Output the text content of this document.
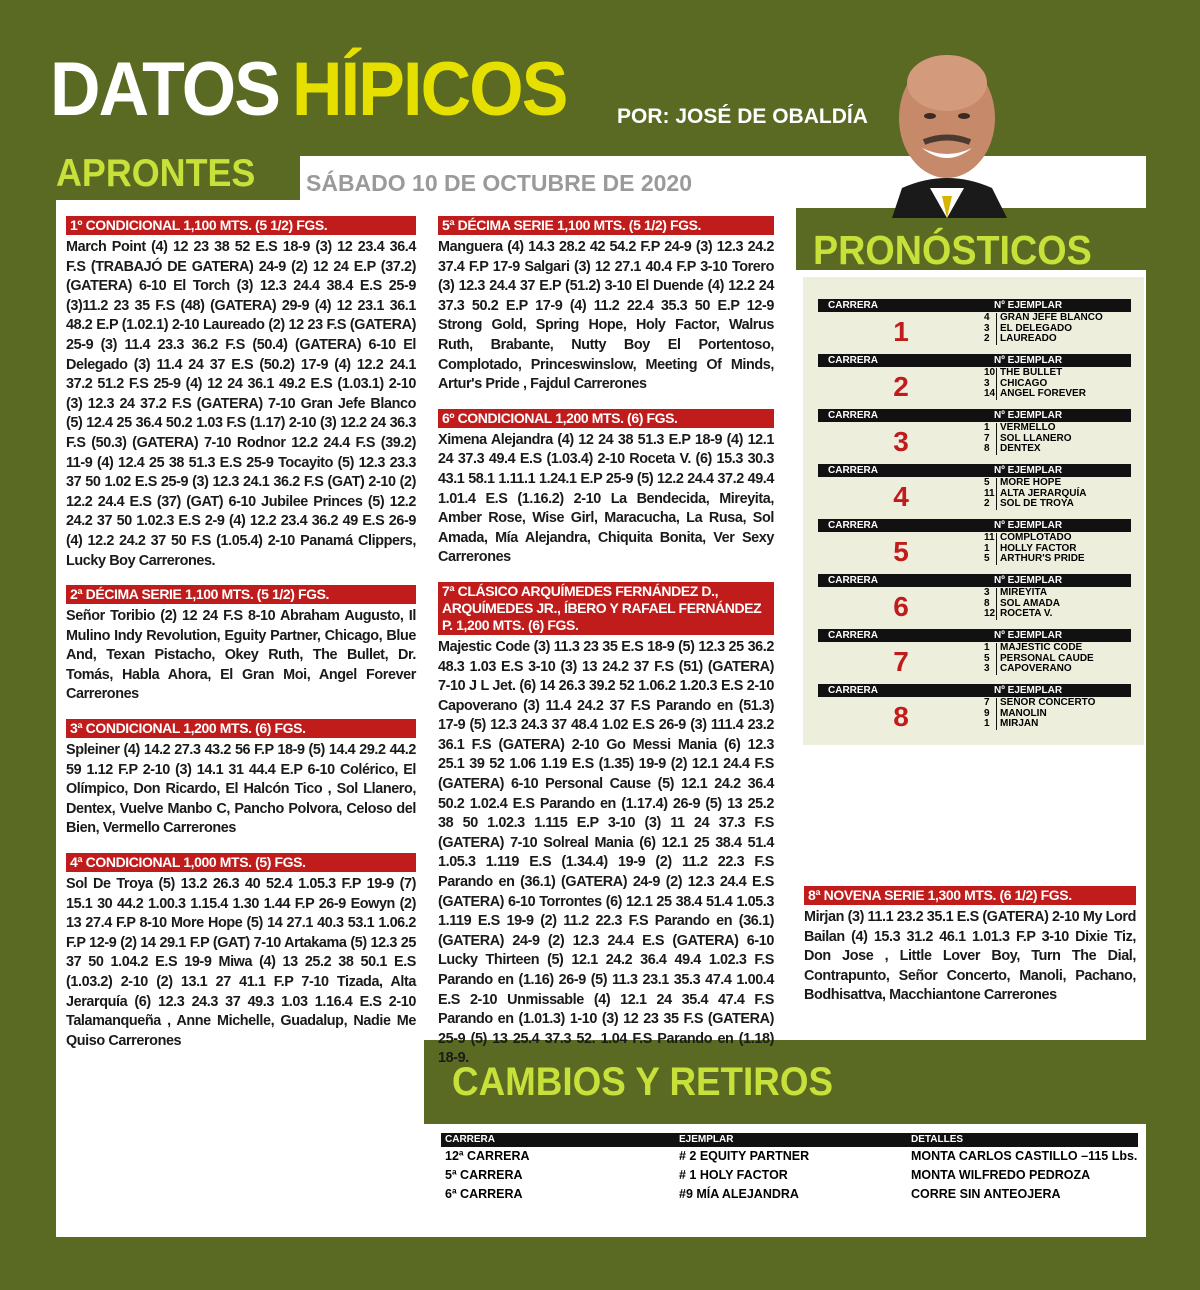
DATOS HÍPICOS POR: JOSÉ DE OBALDÍA
APRONTES SÁBADO 10 DE OCTUBRE DE 2020
1º CONDICIONAL 1,100 MTS. (5 1/2) FGS.
March Point (4) 12 23 38 52 E.S 18-9 (3) 12 23.4 36.4 F.S (TRABAJÓ DE GATERA) 24-9 (2) 12 24 E.P (37.2) (GATERA) 6-10 El Torch (3) 12.3 24.4 38.4 E.S 25-9 (3)11.2 23 35 F.S (48) (GATERA) 29-9 (4) 12 23.1 36.1 48.2 E.P (1.02.1) 2-10 Laureado (2) 12 23 F.S (GATERA) 25-9 (3) 11.4 23.3 36.2 F.S (50.4) (GATERA) 6-10 El Delegado (3) 11.4 24 37 E.S (50.2) 17-9 (4) 12.2 24.1 37.2 51.2 F.S 25-9 (4) 12 24 36.1 49.2 E.S (1.03.1) 2-10 (3) 12.3 24 37.2 F.S (GATERA) 7-10 Gran Jefe Blanco (5) 12.4 25 36.4 50.2 1.03 F.S (1.17) 2-10 (3) 12.2 24 36.3 F.S (50.3) (GATERA) 7-10 Rodnor 12.2 24.4 F.S (39.2) 11-9 (4) 12.4 25 38 51.3 E.S 25-9 Tocayito (5) 12.3 23.3 37 50 1.02 E.S 25-9 (3) 12.3 24.1 36.2 F.S (GAT) 2-10 (2) 12.2 24.4 E.S (37) (GAT) 6-10 Jubilee Princes (5) 12.2 24.2 37 50 1.02.3 E.S 2-9 (4) 12.2 23.4 36.2 49 E.S 26-9 (4) 12.2 24.2 37 50 F.S (1.05.4) 2-10 Panamá Clippers, Lucky Boy Carrerones.
2ª DÉCIMA SERIE 1,100 MTS. (5 1/2) FGS.
Señor Toribio (2) 12 24 F.S 8-10 Abraham Augusto, Il Mulino Indy Revolution, Eguity Partner, Chicago, Blue And, Texan Pistacho, Okey Ruth, The Bullet, Dr. Tomás, Habla Ahora, El Gran Moi, Angel Forever Carrerones
3ª CONDICIONAL 1,200 MTS. (6) FGS.
Spleiner (4) 14.2 27.3 43.2 56 F.P 18-9 (5) 14.4 29.2 44.2 59 1.12 F.P 2-10 (3) 14.1 31 44.4 E.P 6-10 Colérico, El Olímpico, Don Ricardo, El Halcón Tico , Sol Llanero, Dentex, Vuelve Manbo C, Pancho Polvora, Celoso del Bien, Vermello Carrerones
4ª CONDICIONAL 1,000 MTS. (5) FGS.
Sol De Troya (5) 13.2 26.3 40 52.4 1.05.3 F.P 19-9 (7) 15.1 30 44.2 1.00.3 1.15.4 1.30 1.44 F.P 26-9 Eowyn (2) 13 27.4 F.P 8-10 More Hope (5) 14 27.1 40.3 53.1 1.06.2 F.P 12-9 (2) 14 29.1 F.P (GAT) 7-10 Artakama (5) 12.3 25 37 50 1.04.2 E.S 19-9 Miwa (4) 13 25.2 38 50.1 E.S (1.03.2) 2-10 (2) 13.1 27 41.1 F.P 7-10 Tizada, Alta Jerarquía (6) 12.3 24.3 37 49.3 1.03 1.16.4 E.S 2-10 Talamanqueña , Anne Michelle, Guadalup, Nadie Me Quiso Carrerones
5ª DÉCIMA SERIE 1,100 MTS. (5 1/2) FGS.
Manguera (4) 14.3 28.2 42 54.2 F.P 24-9 (3) 12.3 24.2 37.4 F.P 17-9 Salgari (3) 12 27.1 40.4 F.P 3-10 Torero (3) 12.3 24.4 37 E.P (51.2) 3-10 El Duende (4) 12.2 24 37.3 50.2 E.P 17-9 (4) 11.2 22.4 35.3 50 E.P 12-9 Strong Gold, Spring Hope, Holy Factor, Walrus Ruth, Brabante, Nutty Boy El Portentoso, Complotado, Princeswinslow, Meeting Of Minds, Artur's Pride , Fajdul Carrerones
6º CONDICIONAL 1,200 MTS. (6) FGS.
Ximena Alejandra (4) 12 24 38 51.3 E.P 18-9 (4) 12.1 24 37.3 49.4 E.S (1.03.4) 2-10 Roceta V. (6) 15.3 30.3 43.1 58.1 1.11.1 1.24.1 E.P 25-9 (5) 12.2 24.4 37.2 49.4 1.01.4 E.S (1.16.2) 2-10 La Bendecida, Mireyita, Amber Rose, Wise Girl, Maracucha, La Rusa, Sol Amada, Mía Alejandra, Chiquita Bonita, Ver Sexy Carrerones
7ª CLÁSICO ARQUÍMEDES FERNÁNDEZ D., ARQUÍMEDES JR., ÍBERO Y RAFAEL FERNÁNDEZ P. 1,200 MTS. (6) FGS.
Majestic Code (3) 11.3 23 35 E.S 18-9 (5) 12.3 25 36.2 48.3 1.03 E.S 3-10 (3) 13 24.2 37 F.S (51) (GATERA) 7-10 J L Jet. (6) 14 26.3 39.2 52 1.06.2 1.20.3 E.S 2-10 Capoverano (3) 11.4 24.2 37 F.S Parando en (51.3) 17-9 (5) 12.3 24.3 37 48.4 1.02 E.S 26-9 (3) 111.4 23.2 36.1 F.S (GATERA) 2-10 Go Messi Mania (6) 12.3 25.1 39 52 1.06 1.19 E.S (1.35) 19-9 (2) 12.1 24.4 F.S (GATERA) 6-10 Personal Cause (5) 12.1 24.2 36.4 50.2 1.02.4 E.S Parando en (1.17.4) 26-9 (5) 13 25.2 38 50 1.02.3 1.115 E.P 3-10 (3) 11 24 37.3 F.S (GATERA) 7-10 Solreal Mania (6) 12.1 25 38.4 51.4 1.05.3 1.119 E.S (1.34.4) 19-9 (2) 11.2 22.3 F.S Parando en (36.1) (GATERA) 24-9 (2) 12.3 24.4 E.S (GATERA) 6-10 Torrontes (6) 12.1 25 38.4 51.4 1.05.3 1.119 E.S 19-9 (2) 11.2 22.3 F.S Parando en (36.1) (GATERA) 24-9 (2) 12.3 24.4 E.S (GATERA) 6-10 Lucky Thirteen (5) 12.1 24.2 36.4 49.4 1.02.3 F.S Parando en (1.16) 26-9 (5) 11.3 23.1 35.3 47.4 1.00.4 E.S 2-10 Unmissable (4) 12.1 24 35.4 47.4 F.S Parando en (1.01.3) 1-10 (3) 12 23 35 F.S (GATERA) 25-9 (5) 13 25.4 37.3 52. 1.04 F.S Parando en (1.18) 18-9.
8ª NOVENA SERIE 1,300 MTS. (6 1/2) FGS.
Mirjan (3) 11.1 23.2 35.1 E.S (GATERA) 2-10 My Lord Bailan (4) 15.3 31.2 46.1 1.01.3 F.P 3-10 Dixie Tiz, Don Jose , Little Lover Boy, Turn The Dial, Contrapunto, Señor Concerto, Manoli, Pachano, Bodhisattva, Macchiantone Carrerones
PRONÓSTICOS
CARRERA	Nº EJEMPLAR
1	4	GRAN JEFE BLANCO
3	EL DELEGADO
2	LAUREADO
CARRERA	Nº EJEMPLAR
2	10 THE BULLET
3	CHICAGO
14 ANGEL FOREVER
CARRERA	Nº EJEMPLAR
3	1	VERMELLO
7	SOL LLANERO
8	DENTEX
CARRERA	Nº EJEMPLAR
4	5	MORE HOPE
11 ALTA JERARQUÍA
2	SOL DE TROYA
CARRERA	Nº EJEMPLAR
5	11 COMPLOTADO
1	HOLLY FACTOR
5	ARTHUR'S PRIDE
CARRERA	Nº EJEMPLAR
6	3	MIREYITA
8	SOL AMADA
12 ROCETA V.
CARRERA	Nº EJEMPLAR
7	1	MAJESTIC CODE
5	PERSONAL CAUDE
3	CAPOVERANO
CARRERA	Nº EJEMPLAR
8	7	SEÑOR CONCERTO
9	MANOLIN
1	MIRJAN
CAMBIOS Y RETIROS
CARRERA	EJEMPLAR	DETALLES
12ª CARRERA	# 2 EQUITY PARTNER	MONTA CARLOS CASTILLO –115 Lbs.
5ª CARRERA	# 1 HOLY FACTOR	MONTA WILFREDO PEDROZA
6ª CARRERA	#9 MÍA ALEJANDRA	CORRE SIN ANTEOJERA
